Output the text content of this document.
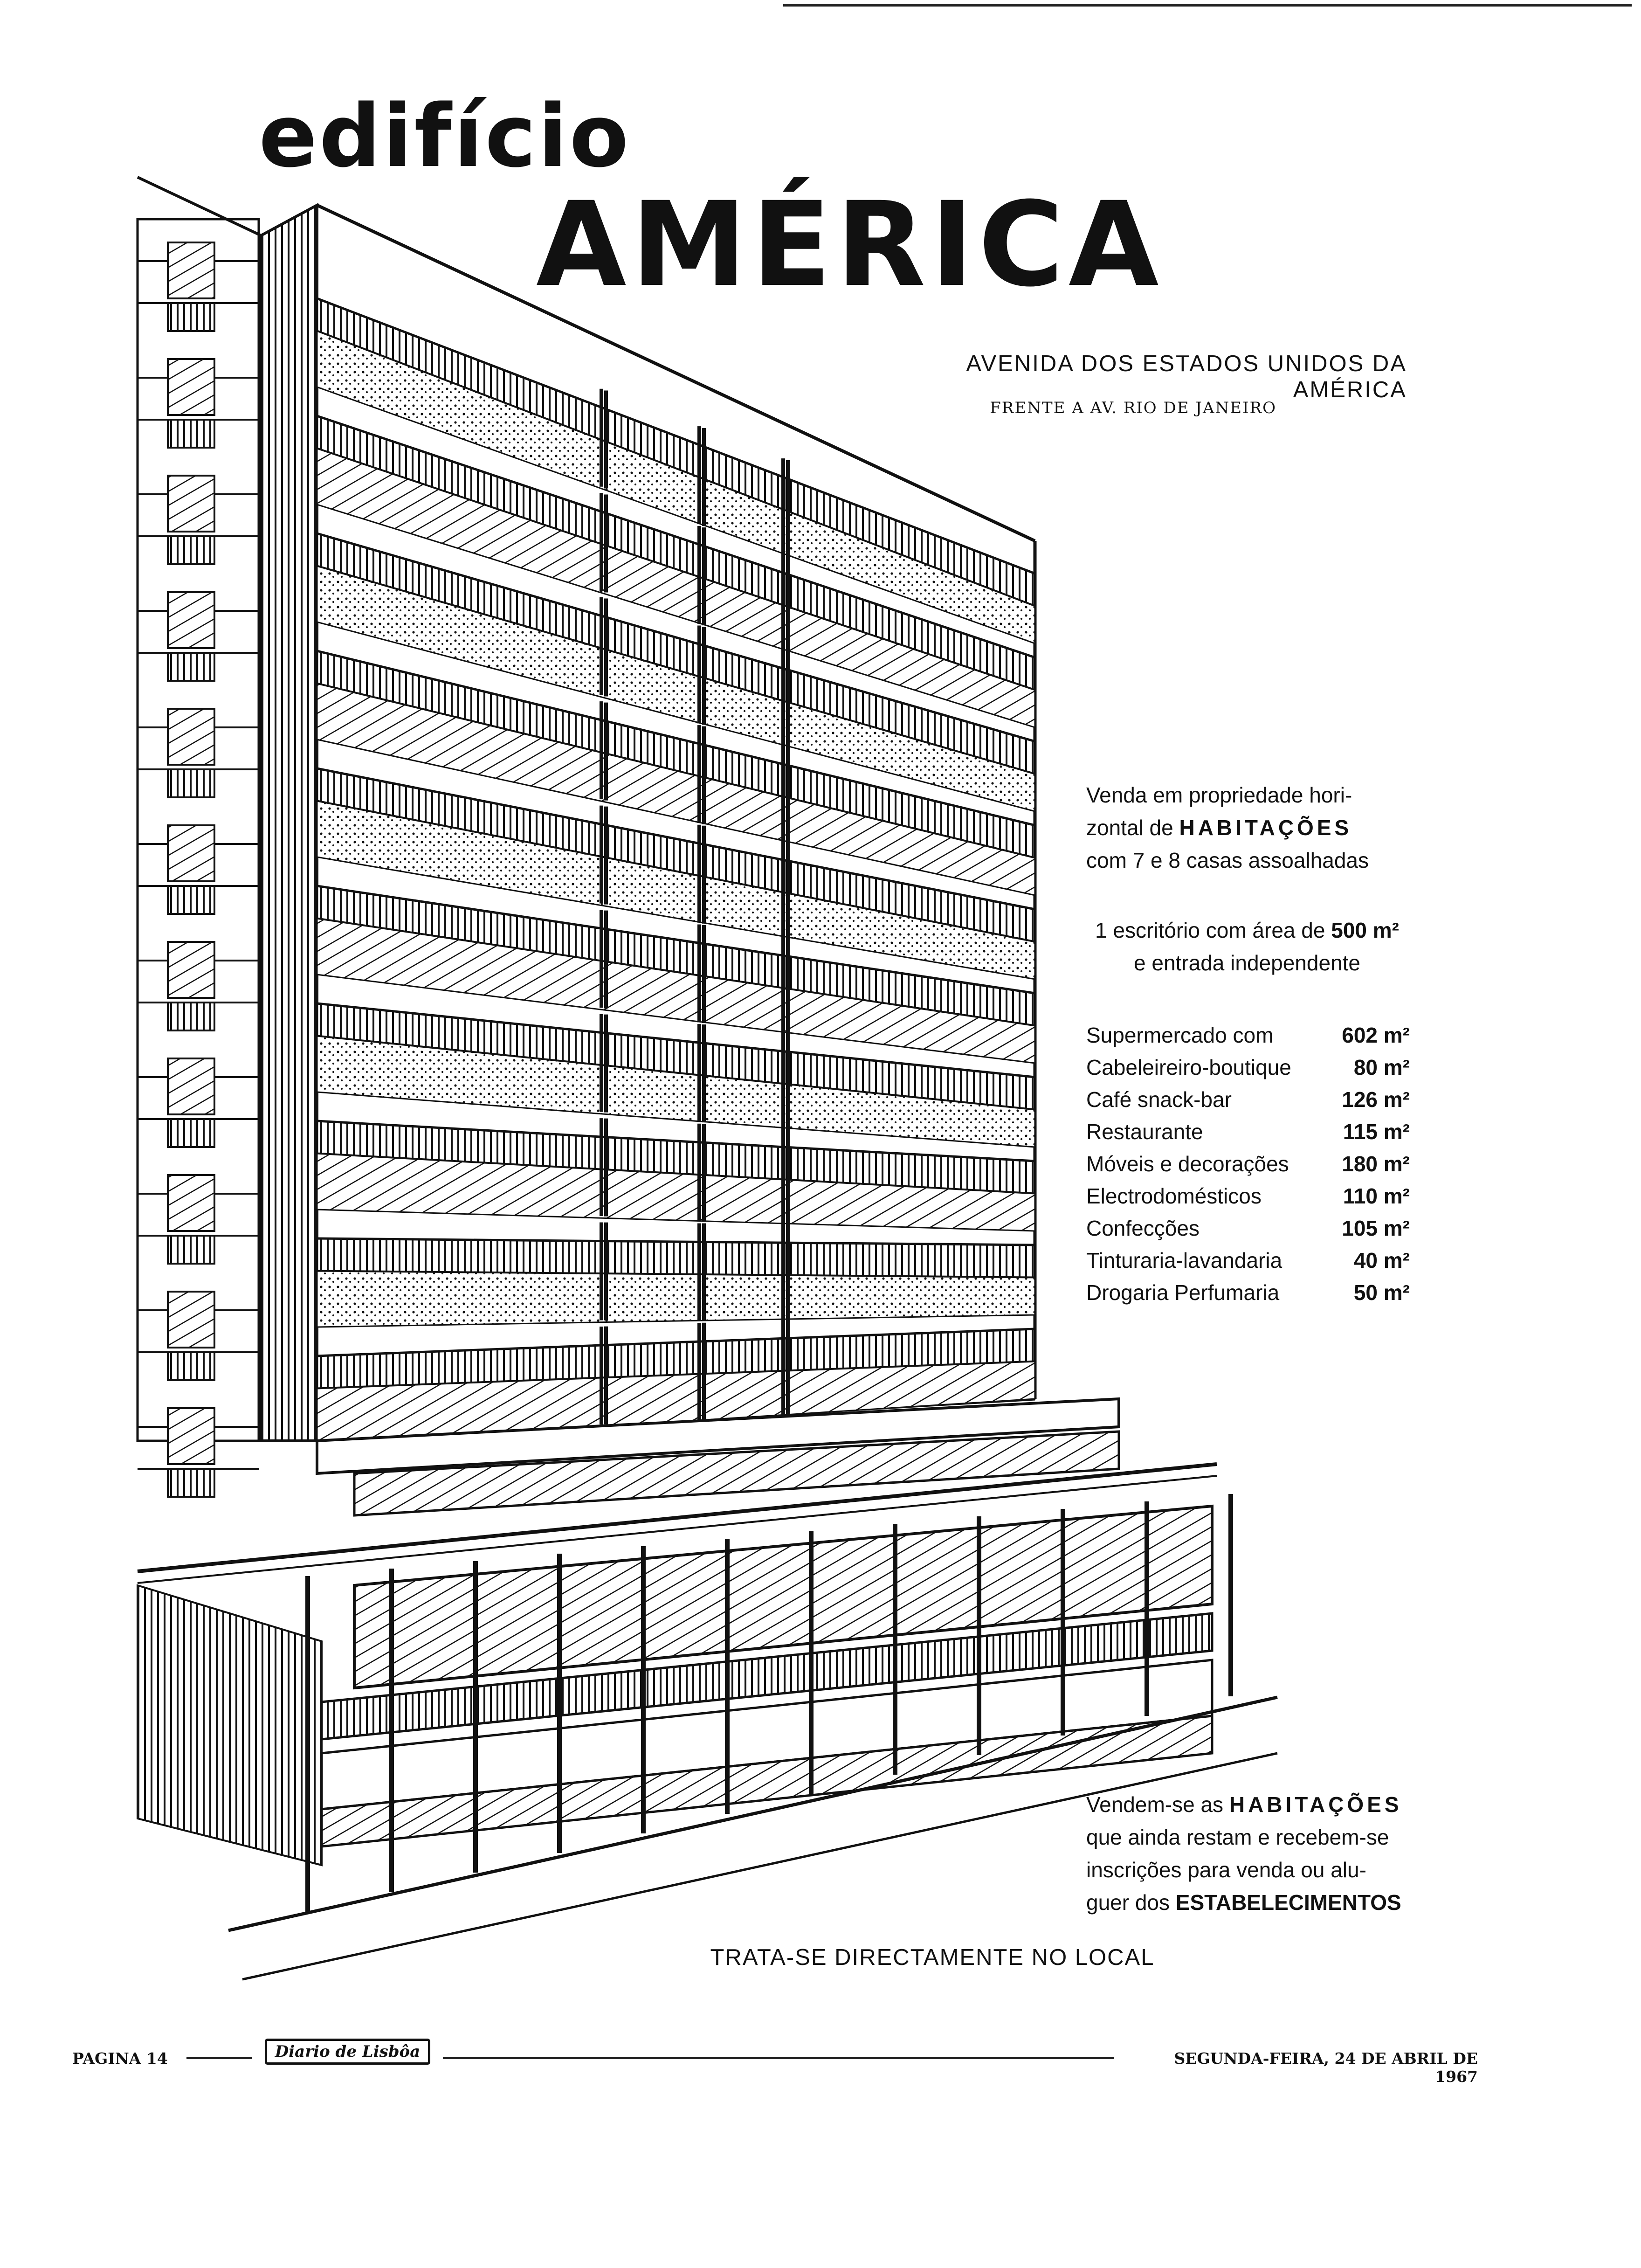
edifício
AMÉRICA
AVENIDA DOS ESTADOS UNIDOS DA AMÉRICA
FRENTE A AV. RIO DE JANEIRO
Venda em propriedade hori-
zontal de HABITAÇÕES
com 7 e 8 casas assoalhadas
1 escritório com área de 500 m²
e entrada independente
Supermercado com	602 m²
Cabeleireiro-boutique	80 m²
Café snack-bar	126 m²
Restaurante	115 m²
Móveis e decorações 180 m²
Electrodomésticos	110 m²
Confecções	105 m²
Tinturaria-lavandaria	40 m²
Drogaria Perfumaria	50 m²
Vendem-se as HABITAÇÕES
que ainda restam e recebem-se
inscrições para venda ou alu-
guer dos ESTABELECIMENTOS
TRATA-SE DIRECTAMENTE NO LOCAL
PAGINA 14	Diario de Lisbôa	SEGUNDA-FEIRA, 24 DE ABRIL DE 1967
